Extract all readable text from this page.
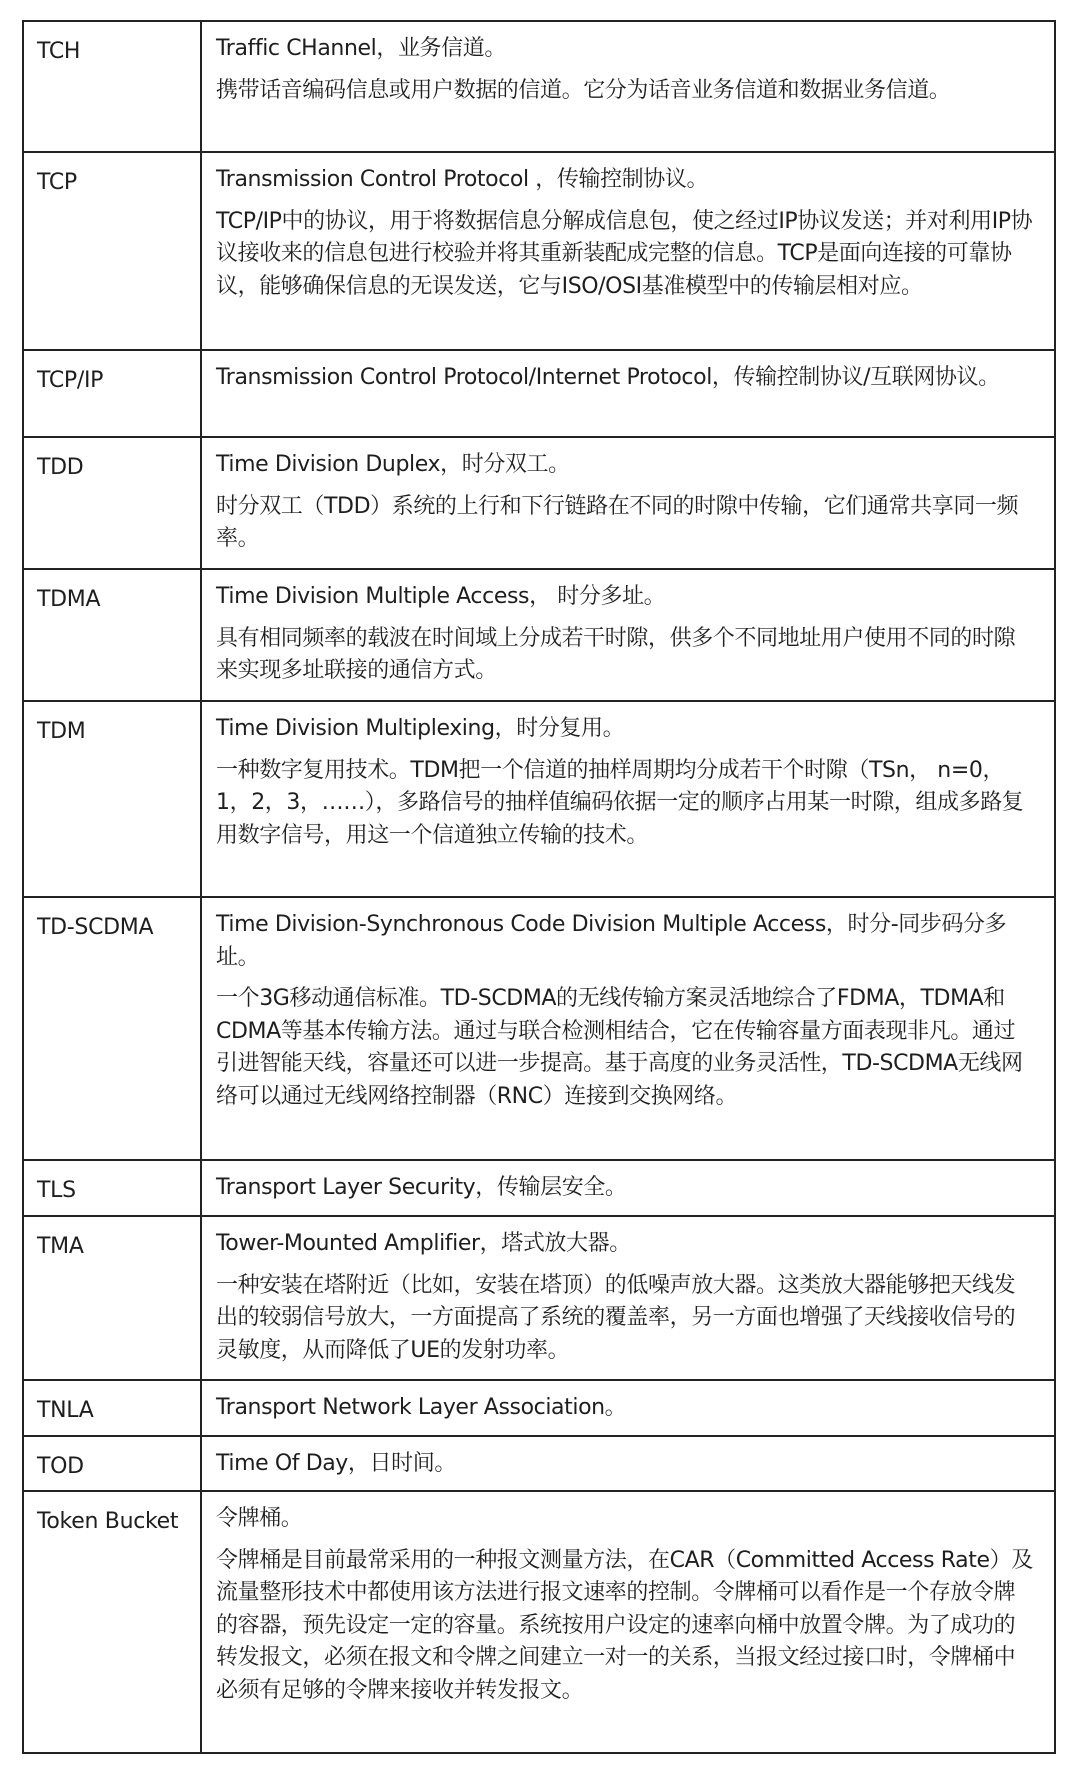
TCH	Traffic CHannel，业务信道。

携带话音编码信息或用户数据的信道。它分为话音业务信道和数据业务信道。

TCP	Transmission Control Protocol ，传输控制协议。

TCP/IP中的协议，用于将数据信息分解成信息包，使之经过IP协议发送；并对利用IP协议接收来的信息包进行校验并将其重新装配成完整的信息。TCP是面向连接的可靠协议，能够确保信息的无误发送，它与ISO/OSI基准模型中的传输层相对应。

TCP/IP	Transmission Control Protocol/Internet Protocol，传输控制协议/互联网协议。

TDD	Time Division Duplex，时分双工。

时分双工（TDD）系统的上行和下行链路在不同的时隙中传输，它们通常共享同一频率。

TDMA	Time Division Multiple Access， 时分多址。

具有相同频率的载波在时间域上分成若干时隙，供多个不同地址用户使用不同的时隙来实现多址联接的通信方式。

TDM	Time Division Multiplexing，时分复用。

一种数字复用技术。TDM把一个信道的抽样周期均分成若干个时隙（TSn， n=0，1，2，3，……），多路信号的抽样值编码依据一定的顺序占用某一时隙，组成多路复用数字信号，用这一个信道独立传输的技术。

TD-SCDMA	Time Division-Synchronous Code Division Multiple Access，时分-同步码分多址。

一个3G移动通信标准。TD-SCDMA的无线传输方案灵活地综合了FDMA，TDMA和CDMA等基本传输方法。通过与联合检测相结合，它在传输容量方面表现非凡。通过引进智能天线，容量还可以进一步提高。基于高度的业务灵活性，TD-SCDMA无线网络可以通过无线网络控制器（RNC）连接到交换网络。

TLS	Transport Layer Security，传输层安全。

TMA	Tower-Mounted Amplifier，塔式放大器。

一种安装在塔附近（比如，安装在塔顶）的低噪声放大器。这类放大器能够把天线发出的较弱信号放大，一方面提高了系统的覆盖率，另一方面也增强了天线接收信号的灵敏度，从而降低了UE的发射功率。

TNLA	Transport Network Layer Association。

TOD	Time Of Day，日时间。

Token Bucket	令牌桶。

令牌桶是目前最常采用的一种报文测量方法，在CAR（Committed Access Rate）及流量整形技术中都使用该方法进行报文速率的控制。令牌桶可以看作是一个存放令牌的容器，预先设定一定的容量。系统按用户设定的速率向桶中放置令牌。为了成功的转发报文，必须在报文和令牌之间建立一对一的关系，当报文经过接口时，令牌桶中必须有足够的令牌来接收并转发报文。
